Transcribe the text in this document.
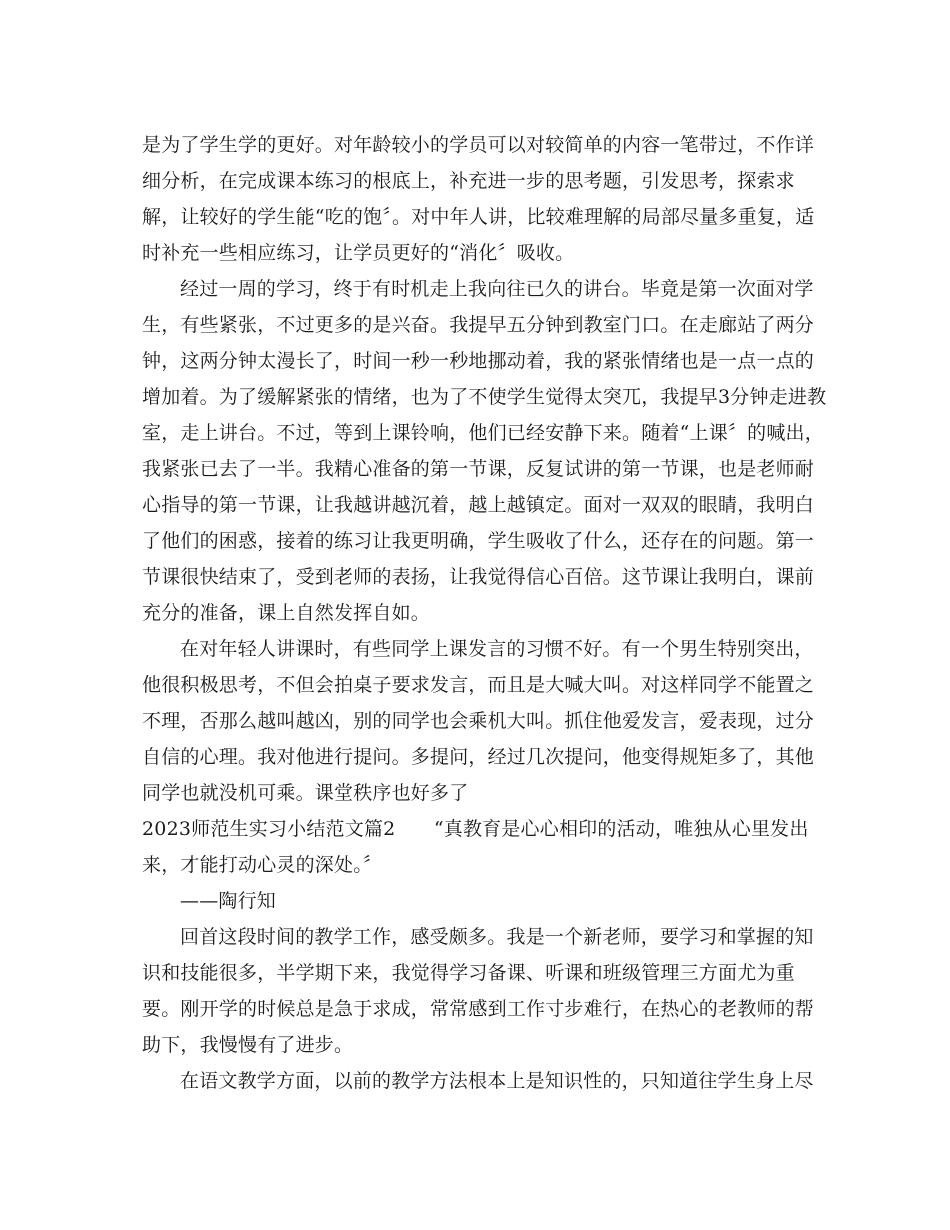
是为了学生学的更好。对年龄较小的学员可以对较简单的内容一笔带过，不作详
细分析，在完成课本练习的根底上，补充进一步的思考题，引发思考，探索求
解，让较好的学生能“吃的饱〞。对中年人讲，比较难理解的局部尽量多重复，适
时补充一些相应练习，让学员更好的“消化〞吸收。
经过一周的学习，终于有时机走上我向往已久的讲台。毕竟是第一次面对学
生，有些紧张，不过更多的是兴奋。我提早五分钟到教室门口。在走廊站了两分
钟，这两分钟太漫长了，时间一秒一秒地挪动着，我的紧张情绪也是一点一点的
增加着。为了缓解紧张的情绪，也为了不使学生觉得太突兀，我提早3分钟走进教
室，走上讲台。不过，等到上课铃响，他们已经安静下来。随着“上课〞的喊出，
我紧张已去了一半。我精心准备的第一节课，反复试讲的第一节课，也是老师耐
心指导的第一节课，让我越讲越沉着，越上越镇定。面对一双双的眼睛，我明白
了他们的困惑，接着的练习让我更明确，学生吸收了什么，还存在的问题。第一
节课很快结束了，受到老师的表扬，让我觉得信心百倍。这节课让我明白，课前
充分的准备，课上自然发挥自如。
在对年轻人讲课时，有些同学上课发言的习惯不好。有一个男生特别突出，
他很积极思考，不但会拍桌子要求发言，而且是大喊大叫。对这样同学不能置之
不理，否那么越叫越凶，别的同学也会乘机大叫。抓住他爱发言，爱表现，过分
自信的心理。我对他进行提问。多提问，经过几次提问，他变得规矩多了，其他
同学也就没机可乘。课堂秩序也好多了
2023师范生实习小结范文篇2　　“真教育是心心相印的活动，唯独从心里发出
来，才能打动心灵的深处。〞
——陶行知
回首这段时间的教学工作，感受颇多。我是一个新老师，要学习和掌握的知
识和技能很多，半学期下来，我觉得学习备课、听课和班级管理三方面尤为重
要。刚开学的时候总是急于求成，常常感到工作寸步难行，在热心的老教师的帮
助下，我慢慢有了进步。
在语文教学方面，以前的教学方法根本上是知识性的，只知道往学生身上尽
